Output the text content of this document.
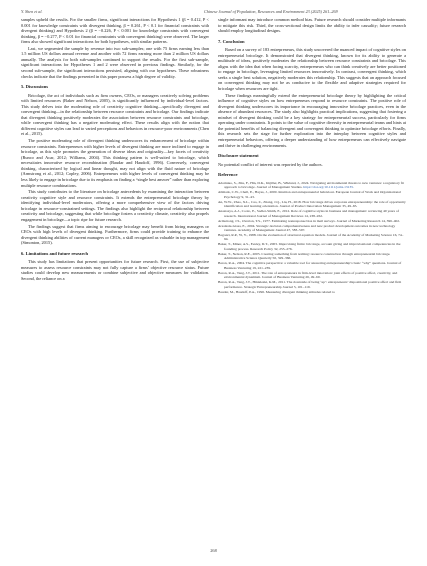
Y. Shen et al.	Chinese Journal of Population, Resources and Environment 23 (2025) 261–269

samples upheld the results. For the smaller firms, significant interactions for Hypothesis 1 (β = 0.412, P < 0.001 for knowledge constraints with divergent thinking, β = 0.261, P < 0.1 for financial constraints with divergent thinking) and Hypothesis 2 (β = −0.226, P < 0.001 for knowledge constraints with convergent thinking, β = −0.277, P < 0.01 for financial constraints with convergent thinking) were observed. The larger firms also showed significant interactions for both hypotheses, with similar patterns.

Last, we segmented the sample by revenue into two sub-samples; one with 75 firms earning less than 1.5 million US dollars annual revenue and another with 72 firms earning more than 2 million US dollars annually. The analysis for both sub-samples continued to support the results. For the first sub-sample, significant interactions for Hypotheses 1 and 2 were observed in previous findings. Similarly, for the second sub-sample, the significant interactions persisted, aligning with our hypotheses. These robustness checks indicate that the findings presented in this paper possess a high degree of validity.

5. Discussions

Bricolage, the act of individuals such as firm owners, CEOs, or managers creatively solving problems with limited resources (Baker and Nelson, 2005), is significantly influenced by individual-level factors. This study delves into the moderating role of creativity cognitive thinking—specifically divergent and convergent thinking—in the relationship between resource constraints and bricolage. Our findings indicate that divergent thinking positively moderates the association between resource constraints and bricolage, while convergent thinking has a negative moderating effect. These results align with the notion that different cognitive styles can lead to varied perceptions and behaviors in resource-poor environments (Chen et al., 2015).

The positive moderating role of divergent thinking underscores its enhancement of bricolage within resource constraints. Entrepreneurs with higher levels of divergent thinking are more inclined to engage in bricolage, as this style promotes the generation of diverse ideas and originality—key facets of creativity (Runco and Acar, 2012; Williams, 2004). This thinking pattern is well-suited to bricolage, which necessitates innovative resource recombination (Baudar and Haudoff, 1996). Conversely, convergent thinking, characterized by logical and linear thought, may not align with the fluid nature of bricolage (Armstrong et al., 2012; Copley, 2006). Entrepreneurs with higher levels of convergent thinking may be less likely to engage in bricolage due to its emphasis on finding a “single best answer” rather than exploring multiple resource combinations.

This study contributes to the literature on bricolage antecedents by examining the interaction between creativity cognitive style and resource constraints. It extends the entrepreneurial bricolage theory by identifying individual-level moderators, offering a more comprehensive view of the factors driving bricolage in resource-constrained settings. The findings also highlight the reciprocal relationship between creativity and bricolage, suggesting that while bricolage fosters a creativity climate, creativity also propels engagement in bricolage—a topic ripe for future research.

The findings suggest that firms aiming to encourage bricolage may benefit from hiring managers or CEOs with high levels of divergent thinking. Furthermore, firms could provide training to enhance the divergent thinking abilities of current managers or CEOs, a skill recognized as valuable in top management (Simonton, 2015).

6. Limitations and future research

This study has limitations that present opportunities for future research. First, the use of subjective measures to assess resource constraints may not fully capture a firms’ objective resource status. Future studies could develop new measurements or combine subjective and objective measures for validation. Second, the reliance on a

single informant may introduce common method bias. Future research should consider multiple informants to mitigate this risk. Third, the cross-sectional design limits the ability to infer causality; future research should employ longitudinal designs.

7. Conclusion

Based on a survey of 183 entrepreneurs, this study uncovered the nuanced impact of cognitive styles on entrepreneurial bricolage. It demonstrated that divergent thinking, known for its ability to generate a multitude of ideas, positively moderates the relationship between resource constraints and bricolage. This aligns with the idea that when facing scarcity, entrepreneurs who can think creatively are better positioned to engage in bricolage, leveraging limited resources innovatively. In contrast, convergent thinking, which seeks a single best solution, negatively moderates this relationship. This suggests that an approach focused on convergent thinking may not be as conducive to the flexible and adaptive strategies required for bricolage when resources are tight.

These findings meaningfully extend the entrepreneurial bricolage theory by highlighting the critical influence of cognitive styles on how entrepreneurs respond to resource constraints. The positive role of divergent thinking underscores its importance in encouraging innovative bricolage practices, even in the absence of abundant resources. The study also highlights practical implications, suggesting that fostering a mindset of divergent thinking could be a key strategy for entrepreneurial success, particularly for firms operating under constraints. It points to the value of cognitive diversity in entrepreneurial teams and hints at the potential benefits of balancing divergent and convergent thinking to optimize bricolage efforts. Finally, this research sets the stage for further exploration into the interplay between cognitive styles and entrepreneurial behaviors, offering a deeper understanding of how entrepreneurs can effectively navigate and thrive in challenging environments.

Disclosure statement

No potential conflict of interest was reported by the authors.

Reference
Adomako, S., Zhu, F., Hin, D.K., Imjiller, B., Wiklund, J., 2024. Navigating environmental threats to new ventures: a regulatory fit approach to bricolage. Journal of Management Studies. https://doi.org/10.1111/joms.13135.
Allmark, C.W., Chell, E., Hayes, J., 2000. Intuition and entrepreneurial behaviour. European Journal of Work and Organizational Psychology 9, 31–43.
An, W.W., Zhao, X.L., Cao, Z., Zhang, J.Q., Liu, H., 2018. How bricolage drives corporate entrepreneurship: the role of opportunity identification and learning orientation. Journal of Product Innovation Management 35, 49–65.
Anastasya, A.J., Coolo, E., Sadler-Smith, E., 2012. Role of cognitive styles in business and management: reviewing 40 years of research. International Journal of Management Reviews 14, 238–262.
Armstrong, J.S., Overton, T.S., 1977. Estimating nonresponse bias in mail surveys. Journal of Marketing Research 14, 396–402.
Arsalasiu-Giasa, E., 2004. Strategic decision comprehensiveness and new product development outcomes in new technology ventures. Academy of Management Journal 47, 583–597.
Bagozzi, R.P., Yi, Y., 1988. On the evaluation of structural equation models. Journal of the Academy of Marketing Science 16, 74–94.
Baker, T., Miner, A.S., Eesley, D.T., 2003. Improvising firms: bricolage, account giving and improvisational competencies in the founding process. Research Policy 32, 255–276.
Baker, T., Nelson, R.E., 2005. Creating something from nothing: resource construction through entrepreneurial bricolage. Administrative Science Quarterly 50, 329–366.
Baron, R.A., 2004. The cognitive perspective: a valuable tool for answering entrepreneurship’s basic “why” questions. Journal of Business Venturing 19, 221–239.
Baron, R.A., Tang, J.T., 2011. The role of entrepreneurs in firm-level innovation: joint effects of positive affect, creativity, and environmental dynamism. Journal of Business Venturing 26, 49–60.
Baron, R.A., Tang, J.T., Hmieleski, K.M., 2011. The downside of being ‘up’: entrepreneurs’ dispositional positive affect and firm performance. Strategic Entrepreneurship Journal 5, 101–119.
Baudar, M., Haudoff, P.A., 1996. Measuring divergent thinking attitudes related to
268
